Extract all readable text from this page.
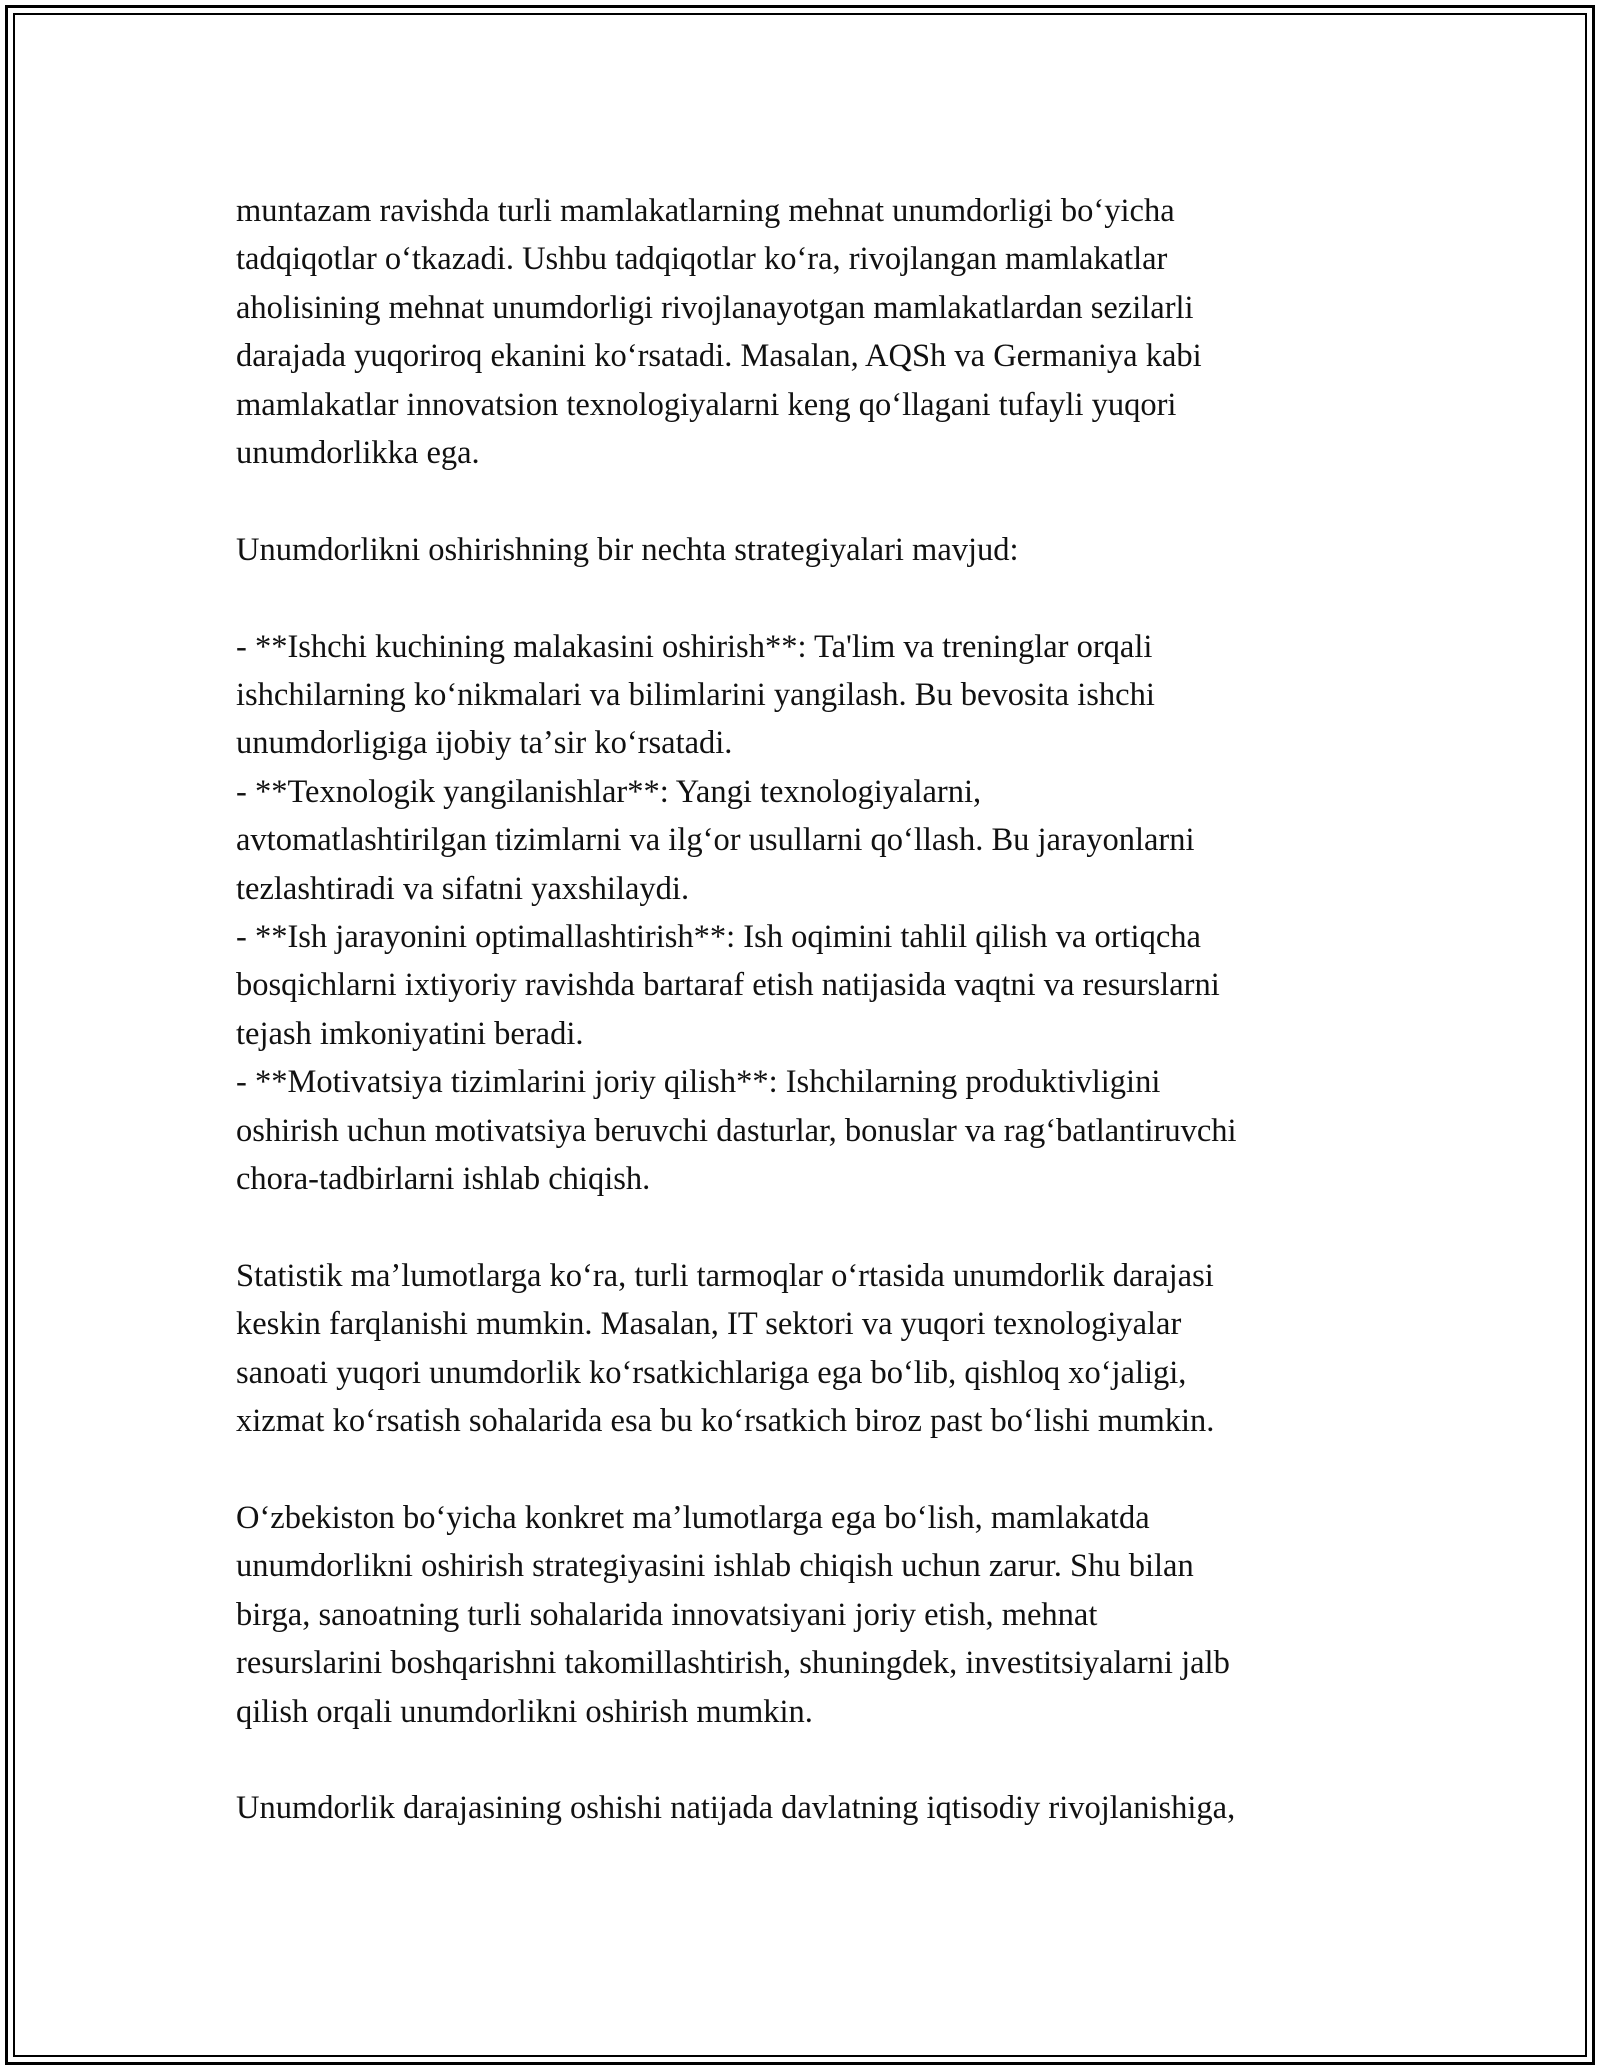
muntazam ravishda turli mamlakatlarning mehnat unumdorligi boʻyicha
tadqiqotlar oʻtkazadi. Ushbu tadqiqotlar koʻra, rivojlangan mamlakatlar
aholisining mehnat unumdorligi rivojlanayotgan mamlakatlardan sezilarli
darajada yuqoriroq ekanini koʻrsatadi. Masalan, AQSh va Germaniya kabi
mamlakatlar innovatsion texnologiyalarni keng qoʻllagani tufayli yuqori
unumdorlikka ega.
Unumdorlikni oshirishning bir nechta strategiyalari mavjud:
- **Ishchi kuchining malakasini oshirish**: Ta'lim va treninglar orqali
ishchilarning koʻnikmalari va bilimlarini yangilash. Bu bevosita ishchi
unumdorligiga ijobiy taʼsir koʻrsatadi.
- **Texnologik yangilanishlar**: Yangi texnologiyalarni,
avtomatlashtirilgan tizimlarni va ilgʻor usullarni qoʻllash. Bu jarayonlarni
tezlashtiradi va sifatni yaxshilaydi.
- **Ish jarayonini optimallashtirish**: Ish oqimini tahlil qilish va ortiqcha
bosqichlarni ixtiyoriy ravishda bartaraf etish natijasida vaqtni va resurslarni
tejash imkoniyatini beradi.
- **Motivatsiya tizimlarini joriy qilish**: Ishchilarning produktivligini
oshirish uchun motivatsiya beruvchi dasturlar, bonuslar va ragʻbatlantiruvchi
chora-tadbirlarni ishlab chiqish.
Statistik maʼlumotlarga koʻra, turli tarmoqlar oʻrtasida unumdorlik darajasi
keskin farqlanishi mumkin. Masalan, IT sektori va yuqori texnologiyalar
sanoati yuqori unumdorlik koʻrsatkichlariga ega boʻlib, qishloq xoʻjaligi,
xizmat koʻrsatish sohalarida esa bu koʻrsatkich biroz past boʻlishi mumkin.
Oʻzbekiston boʻyicha konkret maʼlumotlarga ega boʻlish, mamlakatda
unumdorlikni oshirish strategiyasini ishlab chiqish uchun zarur. Shu bilan
birga, sanoatning turli sohalarida innovatsiyani joriy etish, mehnat
resurslarini boshqarishni takomillashtirish, shuningdek, investitsiyalarni jalb
qilish orqali unumdorlikni oshirish mumkin.
Unumdorlik darajasining oshishi natijada davlatning iqtisodiy rivojlanishiga,
